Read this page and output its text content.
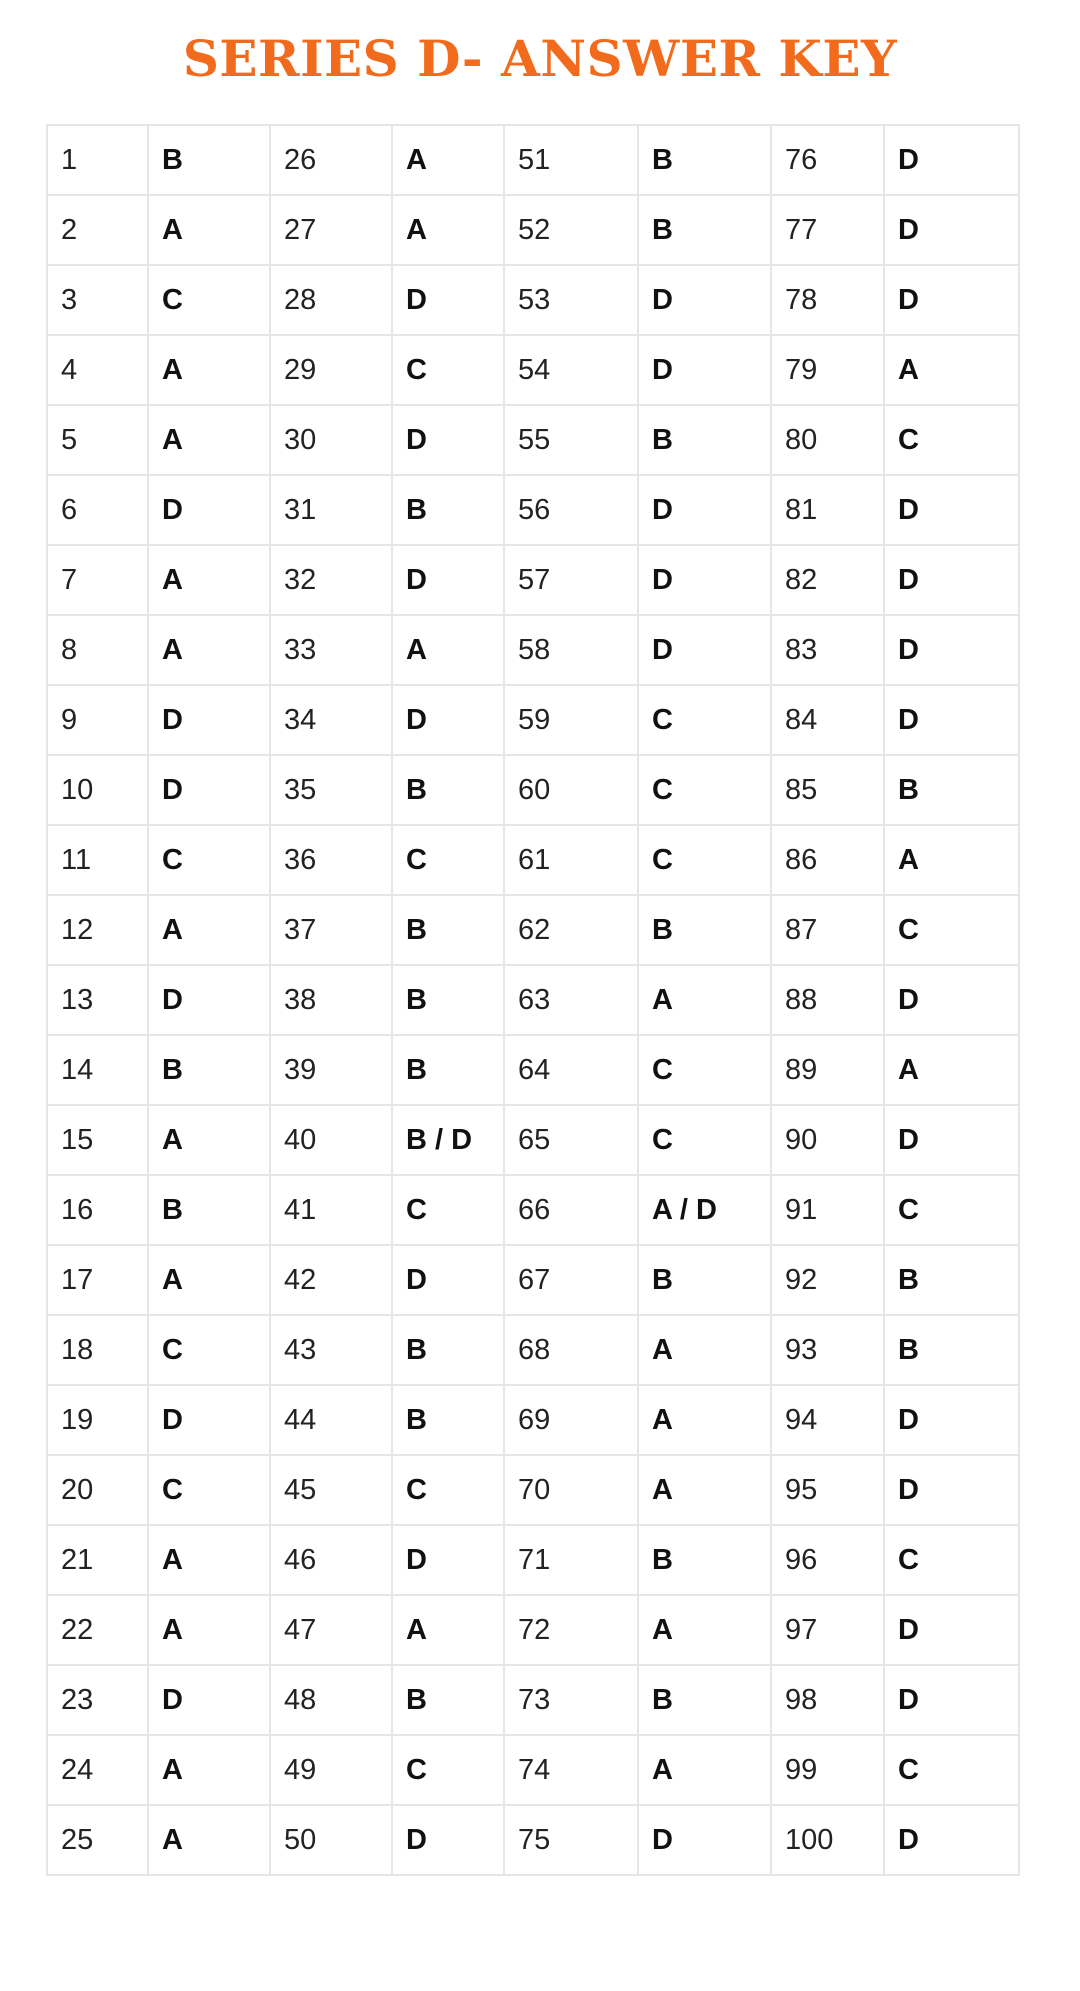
SERIES D- ANSWER KEY
1	B	26	A	51	B	76	D
2	A	27	A	52	B	77	D
3	C	28	D	53	D	78	D
4	A	29	C	54	D	79	A
5	A	30	D	55	B	80	C
6	D	31	B	56	D	81	D
7	A	32	D	57	D	82	D
8	A	33	A	58	D	83	D
9	D	34	D	59	C	84	D
10	D	35	B	60	C	85	B
11	C	36	C	61	C	86	A
12	A	37	B	62	B	87	C
13	D	38	B	63	A	88	D
14	B	39	B	64	C	89	A
15	A	40	B / D	65	C	90	D
16	B	41	C	66	A / D	91	C
17	A	42	D	67	B	92	B
18	C	43	B	68	A	93	B
19	D	44	B	69	A	94	D
20	C	45	C	70	A	95	D
21	A	46	D	71	B	96	C
22	A	47	A	72	A	97	D
23	D	48	B	73	B	98	D
24	A	49	C	74	A	99	C
25	A	50	D	75	D	100	D
